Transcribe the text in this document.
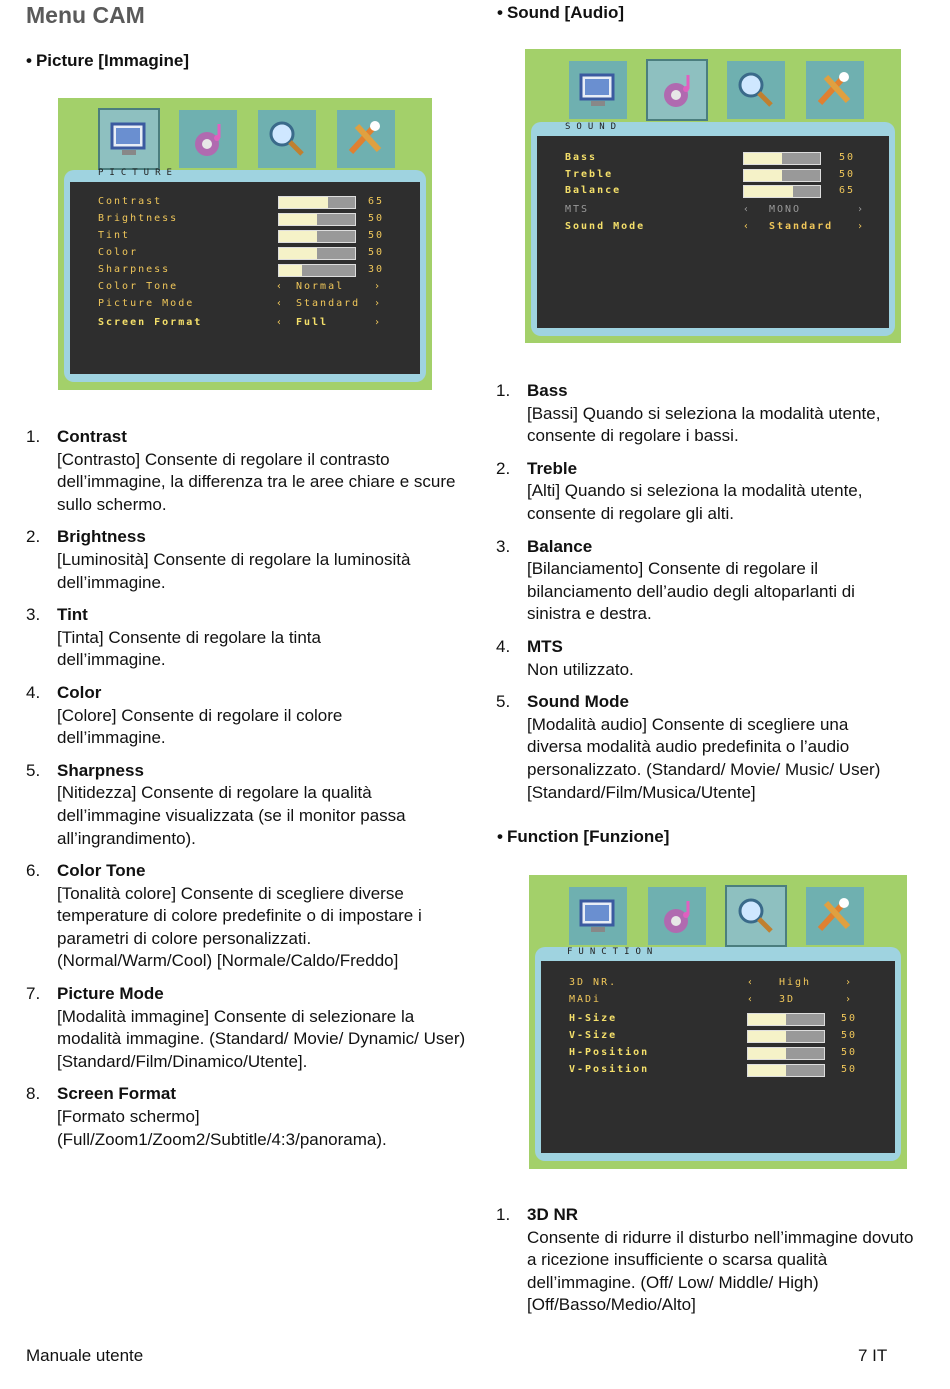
Menu CAM
• Picture [Immagine]
PICTURE
Contrast	65
Brightness	50
Tint	50
Color	50
Sharpness	30
Color Tone	‹ Normal	›
Picture Mode	‹ Standard ›
Screen Format	‹ Full	›
1. Contrast
[Contrasto] Consente di regolare il contrasto dell’immagine, la differenza tra le aree chiare e scure sullo schermo.
2. Brightness
[Luminosità] Consente di regolare la luminosità dell’immagine.
3. Tint
[Tinta] Consente di regolare la tinta dell’immagine.
4. Color
[Colore] Consente di regolare il colore dell’immagine.
5. Sharpness
[Nitidezza] Consente di regolare la qualità dell’immagine visualizzata (se il monitor passa all’ingrandimento).
6. Color Tone
[Tonalità colore] Consente di scegliere diverse temperature di colore predefinite o di impostare i parametri di colore personalizzati. (Normal/Warm/Cool) [Normale/Caldo/Freddo]
7. Picture Mode
[Modalità immagine] Consente di selezionare la modalità immagine. (Standard/ Movie/ Dynamic/ User) [Standard/Film/Dinamico/Utente].
8. Screen Format
[Formato schermo] (Full/Zoom1/Zoom2/Subtitle/4:3/panorama).
• Sound [Audio]
SOUND
Bass	50
Treble	50
Balance	65
MTS	‹ MONO	›
Sound Mode	‹ Standard ›
1. Bass
[Bassi] Quando si seleziona la modalità utente, consente di regolare i bassi.
2. Treble
[Alti] Quando si seleziona la modalità utente, consente di regolare gli alti.
3. Balance
[Bilanciamento] Consente di regolare il bilanciamento dell’audio degli altoparlanti di sinistra e destra.
4. MTS
Non utilizzato.
5. Sound Mode
[Modalità audio] Consente di scegliere una diversa modalità audio predefinita o l’audio personalizzato. (Standard/ Movie/ Music/ User) [Standard/Film/Musica/Utente]
• Function [Funzione]
FUNCTION
3D NR.	‹ High	›
MADi	‹ 3D	›
H-Size	50
V-Size	50
H-Position	50
V-Position	50
1. 3D NR
Consente di ridurre il disturbo nell’immagine dovuto a ricezione insufficiente o scarsa qualità dell’immagine. (Off/ Low/ Middle/ High) [Off/Basso/Medio/Alto]
Manuale utente	7 IT
